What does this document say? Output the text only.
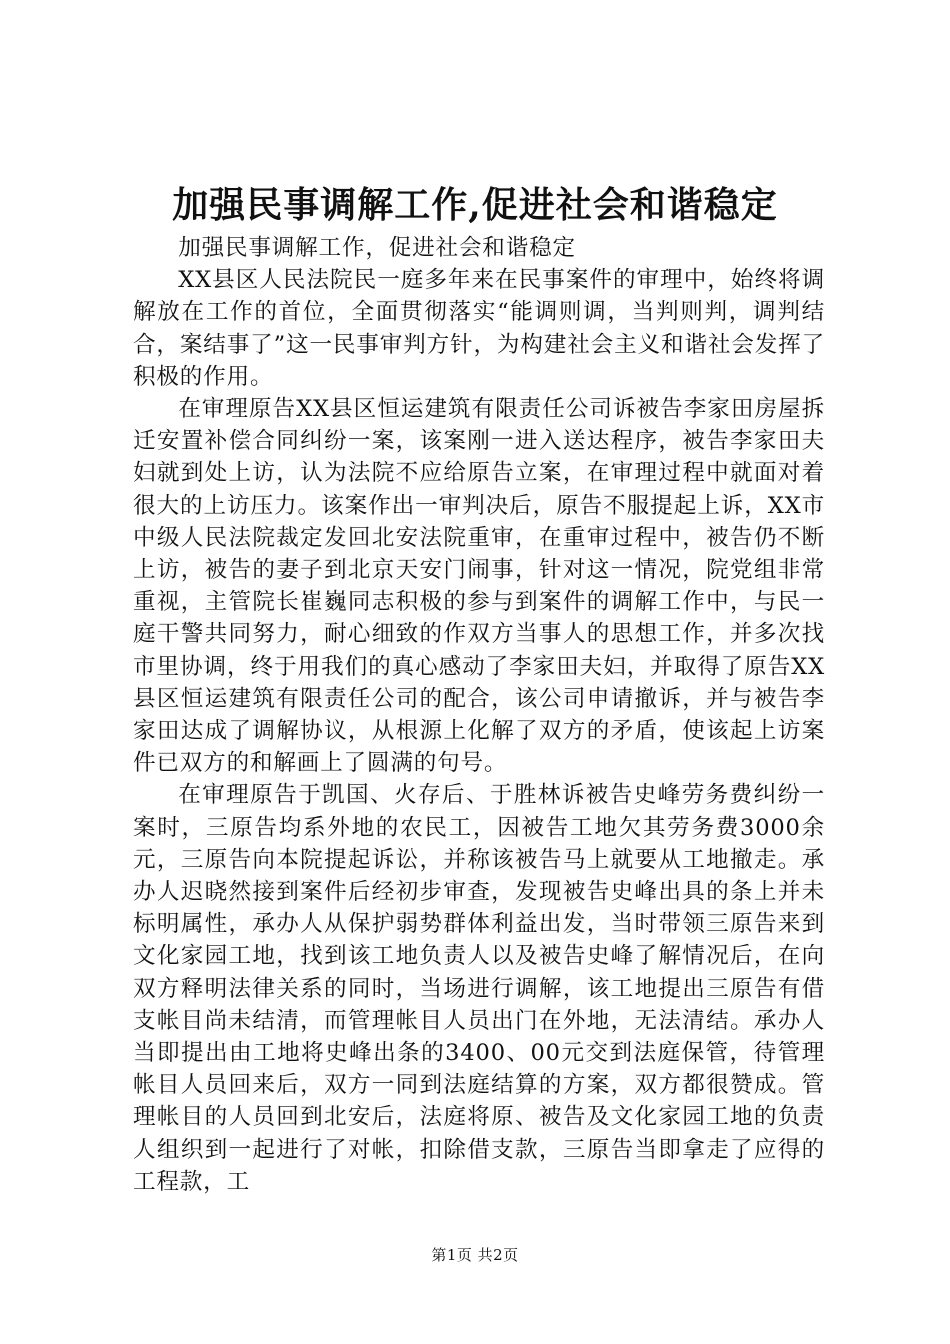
加强民事调解工作,促进社会和谐稳定

加强民事调解工作，促进社会和谐稳定

XX县区人民法院民一庭多年来在民事案件的审理中，始终将调解放在工作的首位，全面贯彻落实“能调则调，当判则判，调判结合，案结事了”这一民事审判方针，为构建社会主义和谐社会发挥了积极的作用。

在审理原告XX县区恒运建筑有限责任公司诉被告李家田房屋拆迁安置补偿合同纠纷一案，该案刚一进入送达程序，被告李家田夫妇就到处上访，认为法院不应给原告立案，在审理过程中就面对着很大的上访压力。该案作出一审判决后，原告不服提起上诉，XX市中级人民法院裁定发回北安法院重审，在重审过程中，被告仍不断上访，被告的妻子到北京天安门闹事，针对这一情况，院党组非常重视，主管院长崔巍同志积极的参与到案件的调解工作中，与民一庭干警共同努力，耐心细致的作双方当事人的思想工作，并多次找市里协调，终于用我们的真心感动了李家田夫妇，并取得了原告XX县区恒运建筑有限责任公司的配合，该公司申请撤诉，并与被告李家田达成了调解协议，从根源上化解了双方的矛盾，使该起上访案件已双方的和解画上了圆满的句号。

在审理原告于凯国、火存后、于胜林诉被告史峰劳务费纠纷一案时，三原告均系外地的农民工，因被告工地欠其劳务费3000余元，三原告向本院提起诉讼，并称该被告马上就要从工地撤走。承办人迟晓然接到案件后经初步审查，发现被告史峰出具的条上并未标明属性，承办人从保护弱势群体利益出发，当时带领三原告来到文化家园工地，找到该工地负责人以及被告史峰了解情况后，在向双方释明法律关系的同时，当场进行调解，该工地提出三原告有借支帐目尚未结清，而管理帐目人员出门在外地，无法清结。承办人当即提出由工地将史峰出条的3400、00元交到法庭保管，待管理帐目人员回来后，双方一同到法庭结算的方案，双方都很赞成。管理帐目的人员回到北安后，法庭将原、被告及文化家园工地的负责人组织到一起进行了对帐，扣除借支款，三原告当即拿走了应得的工程款，工

第1页 共2页
